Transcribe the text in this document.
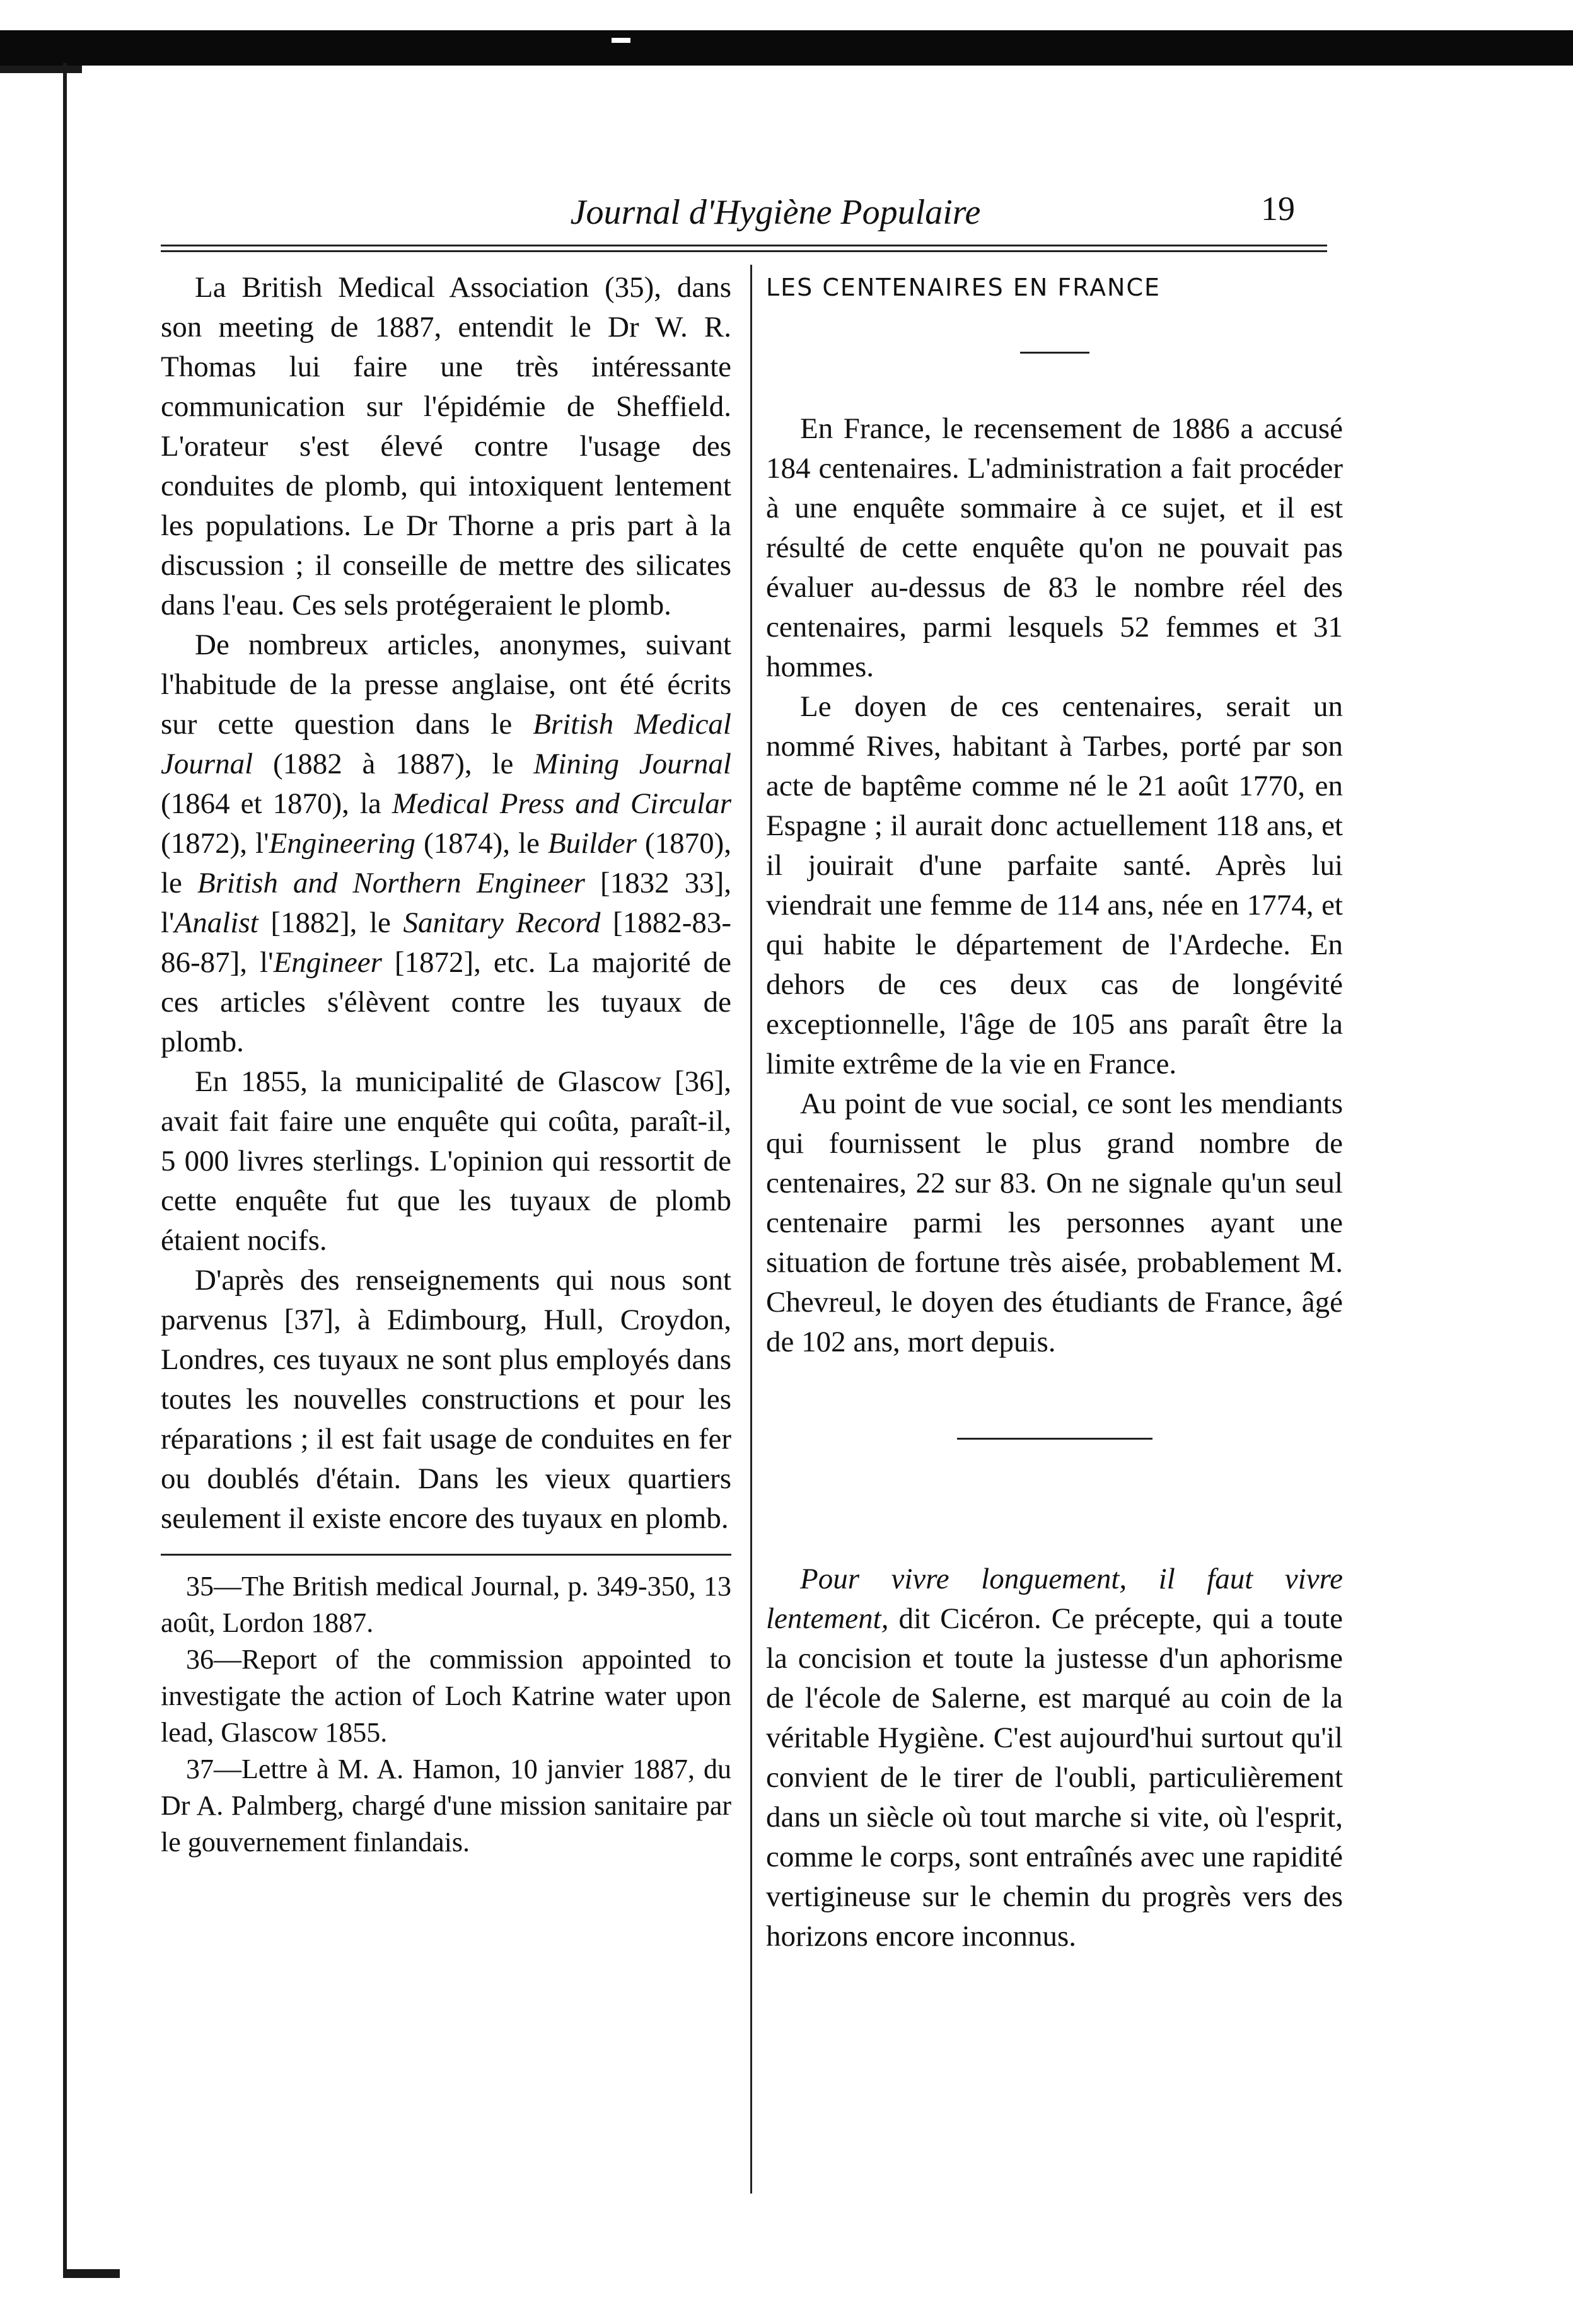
Journal d'Hygiène Populaire	19

La British Medical Association (35), dans son meeting de 1887, entendit le Dr W. R. Thomas lui faire une très intéressante communication sur l'épidémie de Sheffield. L'orateur s'est élevé contre l'usage des conduites de plomb, qui intoxiquent lentement les populations. Le Dr Thorne a pris part à la discussion ; il conseille de mettre des silicates dans l'eau. Ces sels protégeraient le plomb.

De nombreux articles, anonymes, suivant l'habitude de la presse anglaise, ont été écrits sur cette question dans le British Medical Journal (1882 à 1887), le Mining Journal (1864 et 1870), la Medical Press and Circular (1872), l'Engineering (1874), le Builder (1870), le British and Northern Engineer [1832 33], l'Analist [1882], le Sanitary Record [1882-83-86-87], l'Engineer [1872], etc. La majorité de ces articles s'élèvent contre les tuyaux de plomb.

En 1855, la municipalité de Glascow [36], avait fait faire une enquête qui coûta, paraît-il, 5 000 livres sterlings. L'opinion qui ressortit de cette enquête fut que les tuyaux de plomb étaient nocifs.

D'après des renseignements qui nous sont parvenus [37], à Edimbourg, Hull, Croydon, Londres, ces tuyaux ne sont plus employés dans toutes les nouvelles constructions et pour les réparations ; il est fait usage de conduites en fer ou doublés d'étain. Dans les vieux quartiers seulement il existe encore des tuyaux en plomb.

35—The British medical Journal, p. 349-350, 13 août, Lordon 1887.

36—Report of the commission appointed to investigate the action of Loch Katrine water upon lead, Glascow 1855.

37—Lettre à M. A. Hamon, 10 janvier 1887, du Dr A. Palmberg, chargé d'une mission sanitaire par le gouvernement finlandais.

LES CENTENAIRES EN FRANCE

En France, le recensement de 1886 a accusé 184 centenaires. L'administration a fait procéder à une enquête sommaire à ce sujet, et il est résulté de cette enquête qu'on ne pouvait pas évaluer au-dessus de 83 le nombre réel des centenaires, parmi lesquels 52 femmes et 31 hommes.

Le doyen de ces centenaires, serait un nommé Rives, habitant à Tarbes, porté par son acte de baptême comme né le 21 août 1770, en Espagne ; il aurait donc actuellement 118 ans, et il jouirait d'une parfaite santé. Après lui viendrait une femme de 114 ans, née en 1774, et qui habite le département de l'Ardeche. En dehors de ces deux cas de longévité exceptionnelle, l'âge de 105 ans paraît être la limite extrême de la vie en France.

Au point de vue social, ce sont les mendiants qui fournissent le plus grand nombre de centenaires, 22 sur 83. On ne signale qu'un seul centenaire parmi les personnes ayant une situation de fortune très aisée, probablement M. Chevreul, le doyen des étudiants de France, âgé de 102 ans, mort depuis.

Pour vivre longuement, il faut vivre lentement, dit Cicéron. Ce précepte, qui a toute la concision et toute la justesse d'un aphorisme de l'école de Salerne, est marqué au coin de la véritable Hygiène. C'est aujourd'hui surtout qu'il convient de le tirer de l'oubli, particulièrement dans un siècle où tout marche si vite, où l'esprit, comme le corps, sont entraînés avec une rapidité vertigineuse sur le chemin du progrès vers des horizons encore inconnus.
